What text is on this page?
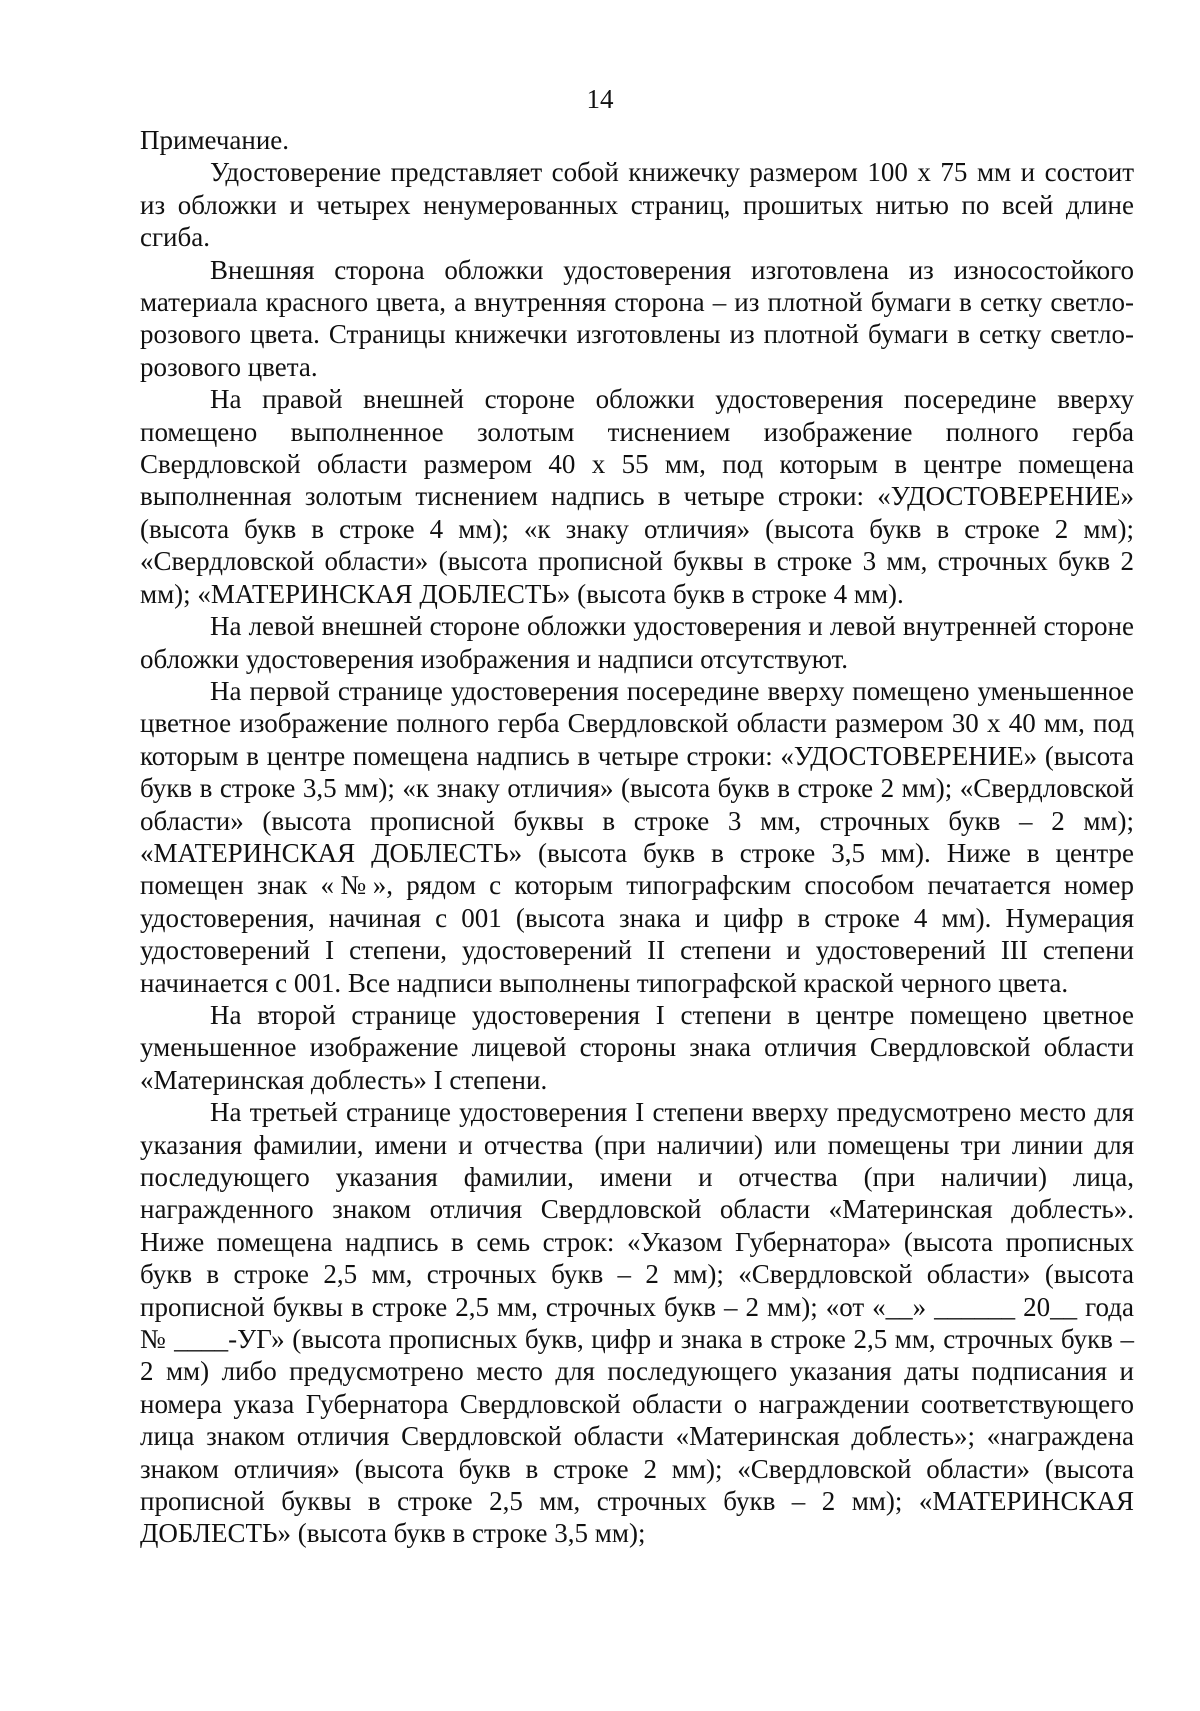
14

Примечание.

Удостоверение представляет собой книжечку размером 100 х 75 мм и состоит из обложки и четырех ненумерованных страниц, прошитых нитью по всей длине сгиба.

Внешняя сторона обложки удостоверения изготовлена из износостойкого материала красного цвета, а внутренняя сторона – из плотной бумаги в сетку светло-розового цвета. Страницы книжечки изготовлены из плотной бумаги в сетку светло-розового цвета.

На правой внешней стороне обложки удостоверения посередине вверху помещено выполненное золотым тиснением изображение полного герба Свердловской области размером 40 х 55 мм, под которым в центре помещена выполненная золотым тиснением надпись в четыре строки: «УДОСТОВЕРЕНИЕ» (высота букв в строке 4 мм); «к знаку отличия» (высота букв в строке 2 мм); «Свердловской области» (высота прописной буквы в строке 3 мм, строчных букв 2 мм); «МАТЕРИНСКАЯ ДОБЛЕСТЬ» (высота букв в строке 4 мм).

На левой внешней стороне обложки удостоверения и левой внутренней стороне обложки удостоверения изображения и надписи отсутствуют.

На первой странице удостоверения посередине вверху помещено уменьшенное цветное изображение полного герба Свердловской области размером 30 х 40 мм, под которым в центре помещена надпись в четыре строки: «УДОСТОВЕРЕНИЕ» (высота букв в строке 3,5 мм); «к знаку отличия» (высота букв в строке 2 мм); «Свердловской области» (высота прописной буквы в строке 3 мм, строчных букв – 2 мм); «МАТЕРИНСКАЯ ДОБЛЕСТЬ» (высота букв в строке 3,5 мм). Ниже в центре помещен знак «№», рядом с которым типографским способом печатается номер удостоверения, начиная с 001 (высота знака и цифр в строке 4 мм). Нумерация удостоверений I степени, удостоверений II степени и удостоверений III степени начинается с 001. Все надписи выполнены типографской краской черного цвета.

На второй странице удостоверения I степени в центре помещено цветное уменьшенное изображение лицевой стороны знака отличия Свердловской области «Материнская доблесть» I степени.

На третьей странице удостоверения I степени вверху предусмотрено место для указания фамилии, имени и отчества (при наличии) или помещены три линии для последующего указания фамилии, имени и отчества (при наличии) лица, награжденного знаком отличия Свердловской области «Материнская доблесть». Ниже помещена надпись в семь строк: «Указом Губернатора» (высота прописных букв в строке 2,5 мм, строчных букв – 2 мм); «Свердловской области» (высота прописной буквы в строке 2,5 мм, строчных букв – 2 мм); «от «__» ______ 20__ года № ____-УГ» (высота прописных букв, цифр и знака в строке 2,5 мм, строчных букв – 2 мм) либо предусмотрено место для последующего указания даты подписания и номера указа Губернатора Свердловской области о награждении соответствующего лица знаком отличия Свердловской области «Материнская доблесть»; «награждена знаком отличия» (высота букв в строке 2 мм); «Свердловской области» (высота прописной буквы в строке 2,5 мм, строчных букв – 2 мм); «МАТЕРИНСКАЯ ДОБЛЕСТЬ» (высота букв в строке 3,5 мм);
